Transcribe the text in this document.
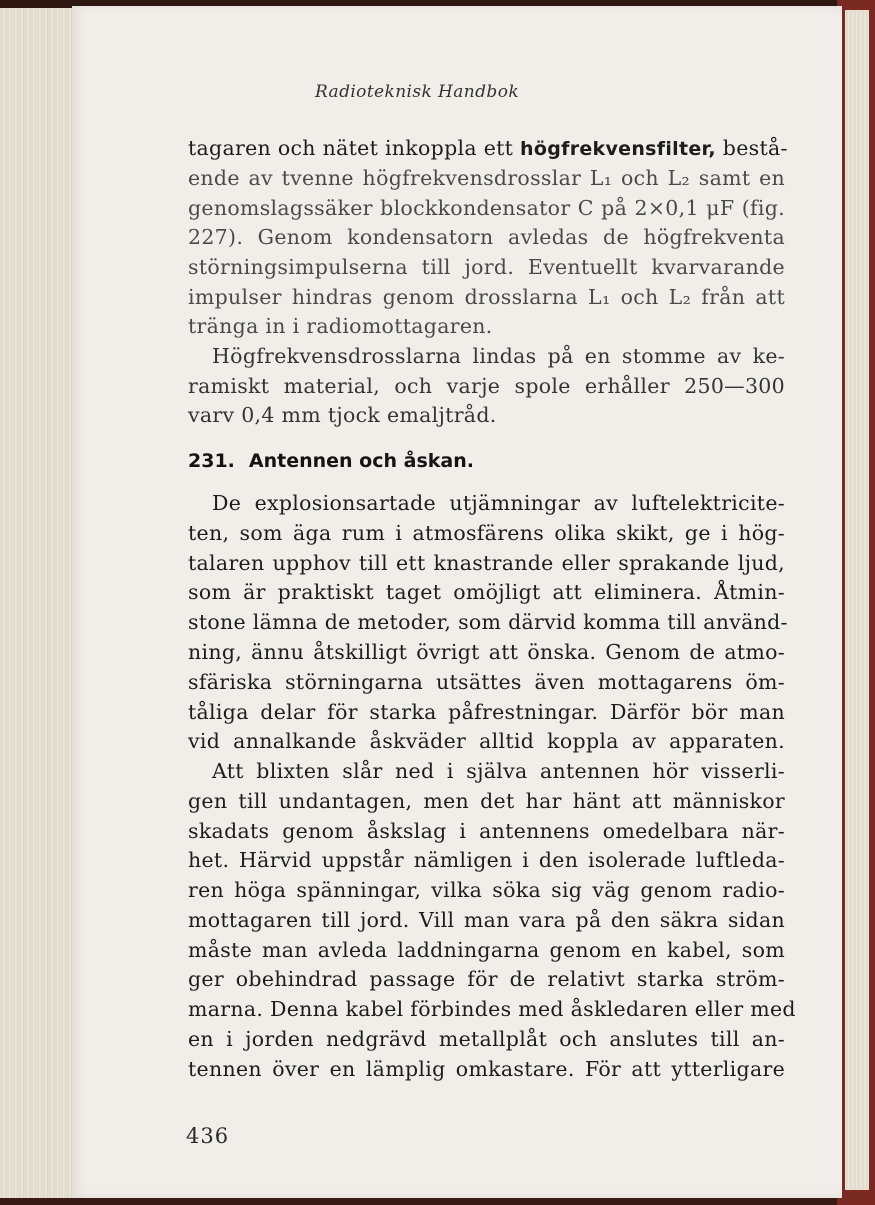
Radioteknisk Handbok
tagaren och nätet inkoppla ett högfrekvensfilter, bestå-
ende av tvenne högfrekvensdrosslar L₁ och L₂ samt en
genomslagssäker blockkondensator C på 2×0,1 μF (fig.
227). Genom kondensatorn avledas de högfrekventa
störningsimpulserna till jord. Eventuellt kvarvarande
impulser hindras genom drosslarna L₁ och L₂ från att
tränga in i radiomottagaren.
Högfrekvensdrosslarna lindas på en stomme av ke-
ramiskt material, och varje spole erhåller 250—300
varv 0,4 mm tjock emaljtråd.
231. Antennen och åskan.
De explosionsartade utjämningar av luftelektricite-
ten, som äga rum i atmosfärens olika skikt, ge i hög-
talaren upphov till ett knastrande eller sprakande ljud,
som är praktiskt taget omöjligt att eliminera. Åtmin-
stone lämna de metoder, som därvid komma till använd-
ning, ännu åtskilligt övrigt att önska. Genom de atmo-
sfäriska störningarna utsättes även mottagarens öm-
tåliga delar för starka påfrestningar. Därför bör man
vid annalkande åskväder alltid koppla av apparaten.
Att blixten slår ned i själva antennen hör visserli-
gen till undantagen, men det har hänt att människor
skadats genom åskslag i antennens omedelbara när-
het. Härvid uppstår nämligen i den isolerade luftleda-
ren höga spänningar, vilka söka sig väg genom radio-
mottagaren till jord. Vill man vara på den säkra sidan
måste man avleda laddningarna genom en kabel, som
ger obehindrad passage för de relativt starka ström-
marna. Denna kabel förbindes med åskledaren eller med
en i jorden nedgrävd metallplåt och anslutes till an-
tennen över en lämplig omkastare. För att ytterligare
436
